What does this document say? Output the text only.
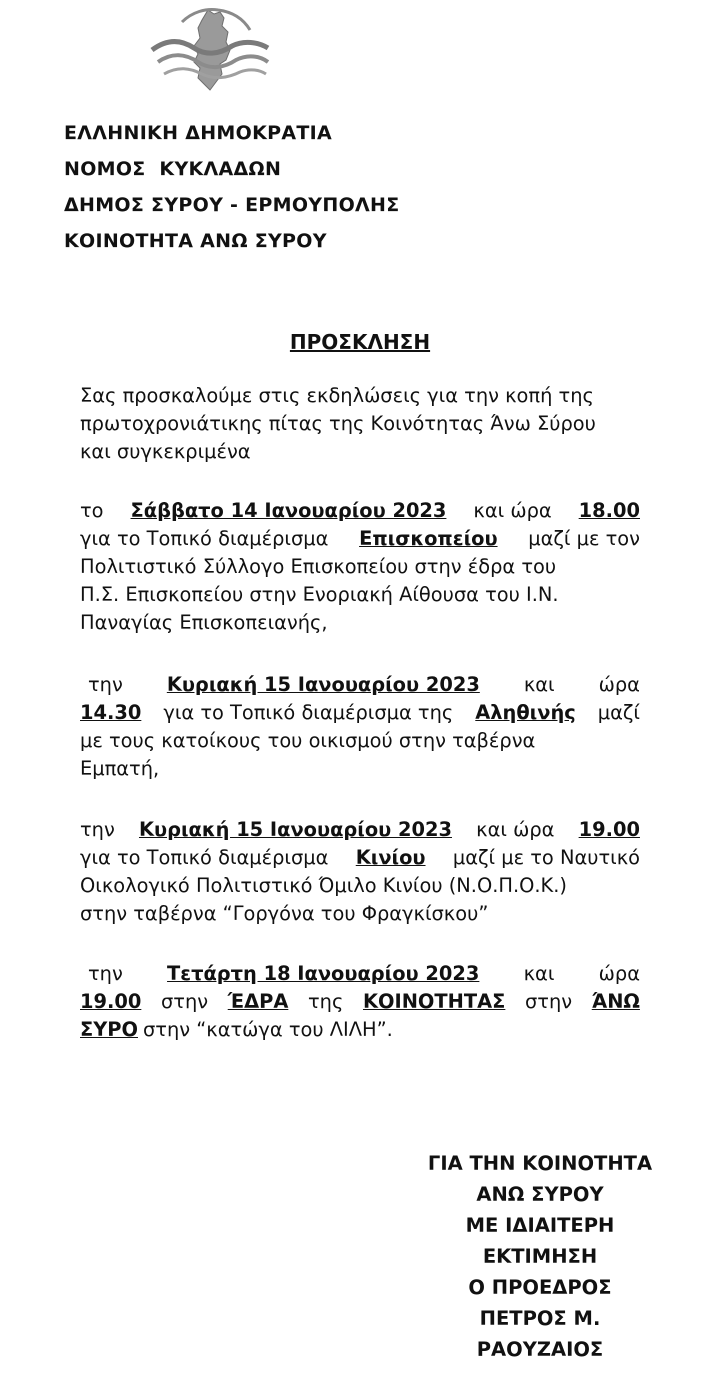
ΕΛΛΗΝΙΚΗ ΔΗΜΟΚΡΑΤΙΑ
ΝΟΜΟΣ  ΚΥΚΛΑΔΩΝ
ΔΗΜΟΣ ΣΥΡΟΥ - ΕΡΜΟΥΠΟΛΗΣ
ΚΟΙΝΟΤΗΤΑ ΑΝΩ ΣΥΡΟΥ
ΠΡΟΣΚΛΗΣΗ
Σας προσκαλούμε στις εκδηλώσεις για την κοπή της
πρωτοχρονιάτικης πίτας της Κοινότητας Άνω Σύρου
και συγκεκριμένα
το Σάββατο 14 Ιανουαρίου 2023 και ώρα 18.00
για το Τοπικό διαμέρισμα Επισκοπείου μαζί με τον
Πολιτιστικό Σύλλογο Επισκοπείου στην έδρα του
Π.Σ. Επισκοπείου στην Ενοριακή Αίθουσα του Ι.Ν.
Παναγίας Επισκοπειανής,
την Κυριακή 15 Ιανουαρίου 2023 και ώρα
14.30 για το Τοπικό διαμέρισμα της Αληθινής μαζί
με τους κατοίκους του οικισμού στην ταβέρνα
Εμπατή,
την Κυριακή 15 Ιανουαρίου 2023 και ώρα 19.00
για το Τοπικό διαμέρισμα Κινίου μαζί με το Ναυτικό
Οικολογικό Πολιτιστικό Όμιλο Κινίου (Ν.Ο.Π.Ο.Κ.)
στην ταβέρνα “Γοργόνα του Φραγκίσκου”
την Τετάρτη 18 Ιανουαρίου 2023 και ώρα
19.00 στην ΈΔΡΑ της ΚΟΙΝΟΤΗΤΑΣ στην ΆΝΩ
ΣΥΡΟ στην “κατώγα του ΛΙΛΗ”.
ΓΙΑ ΤΗΝ ΚΟΙΝΟΤΗΤΑ
ΑΝΩ ΣΥΡΟΥ
ΜΕ ΙΔΙΑΙΤΕΡΗ
ΕΚΤΙΜΗΣΗ
Ο ΠΡΟΕΔΡΟΣ
ΠΕΤΡΟΣ Μ.
ΡΑΟΥΖΑΙΟΣ
